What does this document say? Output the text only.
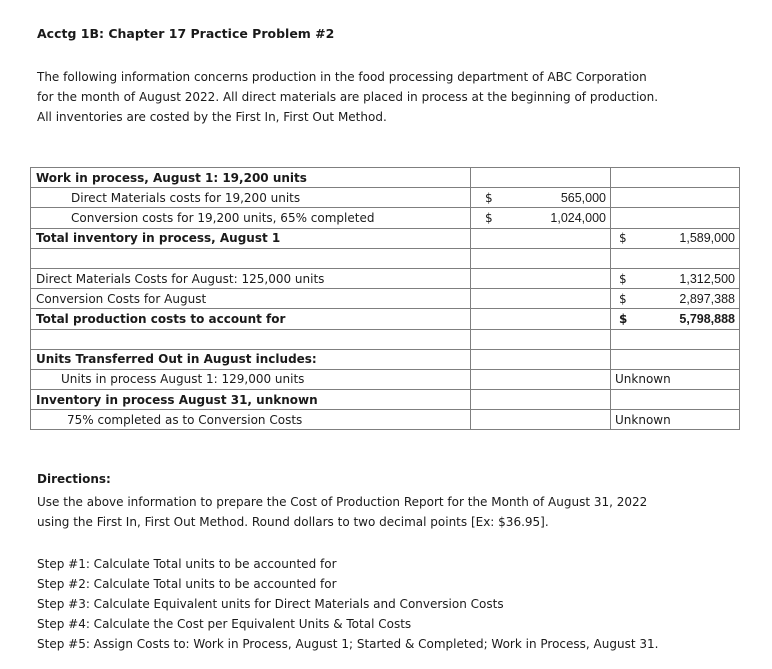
Acctg 1B: Chapter 17 Practice Problem #2

The following information concerns production in the food processing department of ABC Corporation
for the month of August 2022. All direct materials are placed in process at the beginning of production.
All inventories are costed by the First In, First Out Method.

Work in process, August 1: 19,200 units		
Direct Materials costs for 19,200 units	$ 565,000	

Conversion costs for 19,200 units, 65% completed	$ 1,024,000	

Total inventory in process, August 1		$ 1,589,000

Direct Materials Costs for August: 125,000 units		$ 1,312,500

Conversion Costs for August		$ 2,897,388

Total production costs to account for		$ 5,798,888

Units Transferred Out in August includes:		
Units in process August 1: 129,000 units		Unknown
Inventory in process August 31, unknown		
75% completed as to Conversion Costs		Unknown
Directions:

Use the above information to prepare the Cost of Production Report for the Month of August 31, 2022
using the First In, First Out Method. Round dollars to two decimal points [Ex: $36.95].

Step #1: Calculate Total units to be accounted for
Step #2: Calculate Total units to be accounted for
Step #3: Calculate Equivalent units for Direct Materials and Conversion Costs
Step #4: Calculate the Cost per Equivalent Units & Total Costs
Step #5: Assign Costs to: Work in Process, August 1; Started & Completed; Work in Process, August 31.
